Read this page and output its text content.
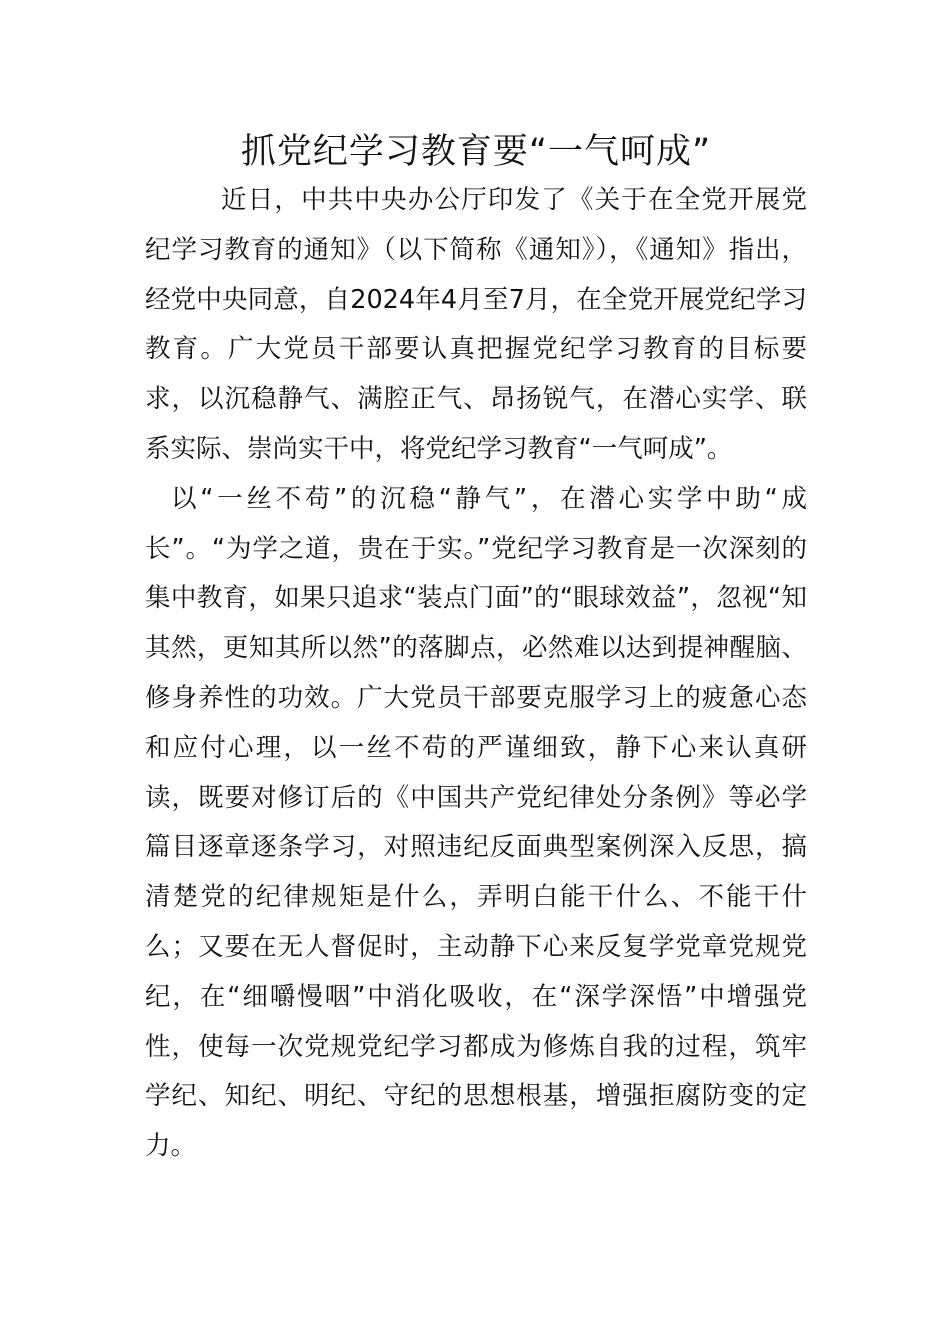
抓党纪学习教育要“一气呵成”

近日，中共中央办公厅印发了《关于在全党开展党纪学习教育的通知》（以下简称《通知》），《通知》指出，经党中央同意，自2024年4月至7月，在全党开展党纪学习教育。广大党员干部要认真把握党纪学习教育的目标要求，以沉稳静气、满腔正气、昂扬锐气，在潜心实学、联系实际、崇尚实干中，将党纪学习教育“一气呵成”。

以“一丝不苟”的沉稳“静气”，在潜心实学中助“成长”。“为学之道，贵在于实。”党纪学习教育是一次深刻的集中教育，如果只追求“装点门面”的“眼球效益”，忽视“知其然，更知其所以然”的落脚点，必然难以达到提神醒脑、修身养性的功效。广大党员干部要克服学习上的疲惫心态和应付心理，以一丝不苟的严谨细致，静下心来认真研读，既要对修订后的《中国共产党纪律处分条例》等必学篇目逐章逐条学习，对照违纪反面典型案例深入反思，搞清楚党的纪律规矩是什么，弄明白能干什么、不能干什么；又要在无人督促时，主动静下心来反复学党章党规党纪，在“细嚼慢咽”中消化吸收，在“深学深悟”中增强党性，使每一次党规党纪学习都成为修炼自我的过程，筑牢学纪、知纪、明纪、守纪的思想根基，增强拒腐防变的定力。
